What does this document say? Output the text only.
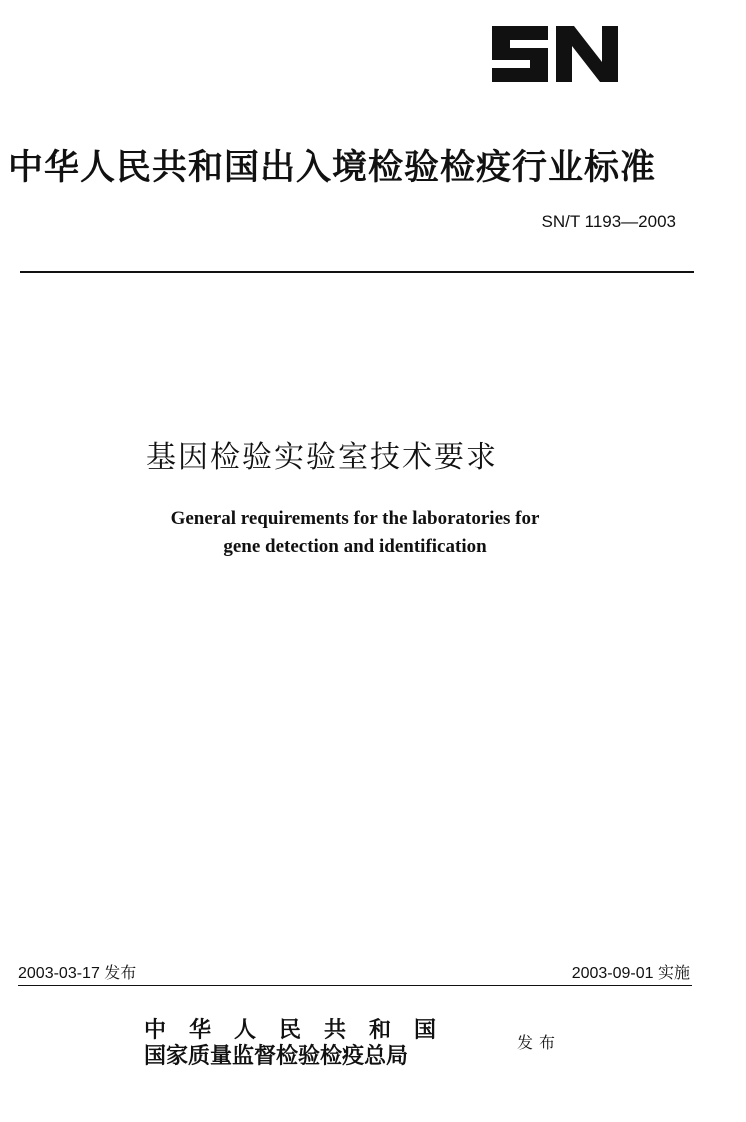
中华人民共和国出入境检验检疫行业标准
SN/T 1193—2003
基因检验实验室技术要求
General requirements for the laboratories for
gene detection and identification
2003-03-17 发布	2003-09-01 实施
中华人民共和国
国家质量监督检验检疫总局
发布
